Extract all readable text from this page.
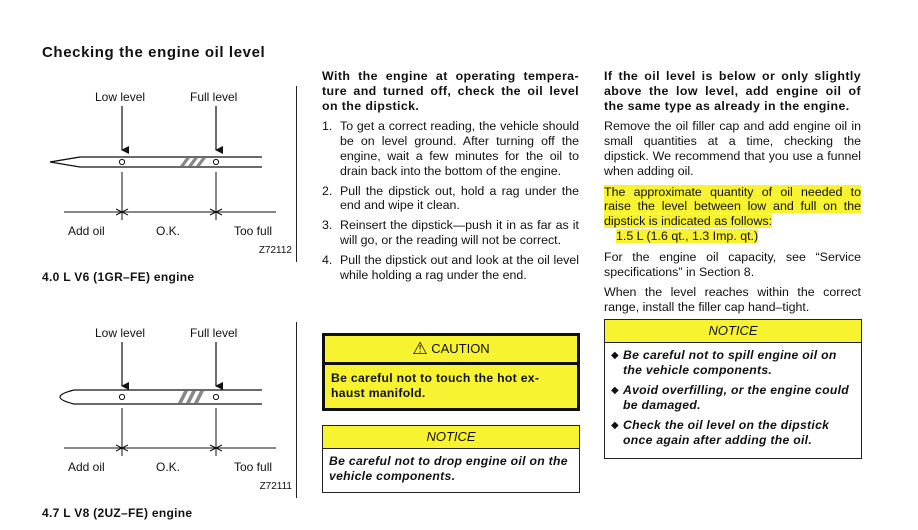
Checking the engine oil level
Low level	Full level
Add oil	O.K.	Too full
Z72112
4.0 L V6 (1GR–FE) engine
Low level	Full level
Add oil	O.K.	Too full
Z72111
4.7 L V8 (2UZ–FE) engine

With the engine at operating tempera- ture and turned off, check the oil level on the dipstick.

1. To get a correct reading, the vehicle should be on level ground. After turning off the engine, wait a few minutes for the oil to drain back into the bottom of the engine.
2. Pull the dipstick out, hold a rag under the end and wipe it clean.
3. Reinsert the dipstick—push it in as far as it will go, or the reading will not be correct.
4. Pull the dipstick out and look at the oil level while holding a rag under the end.
⚠ CAUTION
Be careful not to touch the hot ex- haust manifold.
NOTICE
Be careful not to drop engine oil on the vehicle components.

If the oil level is below or only slightly above the low level, add engine oil of the same type as already in the engine.

Remove the oil filler cap and add engine oil in small quantities at a time, checking the dipstick. We recommend that you use a funnel when adding oil.

The approximate quantity of oil needed to raise the level between low and full on the dipstick is indicated as follows:

1.5 L (1.6 qt., 1.3 Imp. qt.)

For the engine oil capacity, see “Service specifications” in Section 8.

When the level reaches within the correct range, install the filler cap hand–tight.

NOTICE
◆ Be careful not to spill engine oil on the vehicle components.
◆ Avoid overfilling, or the engine could be damaged.
◆ Check the oil level on the dipstick once again after adding the oil.
